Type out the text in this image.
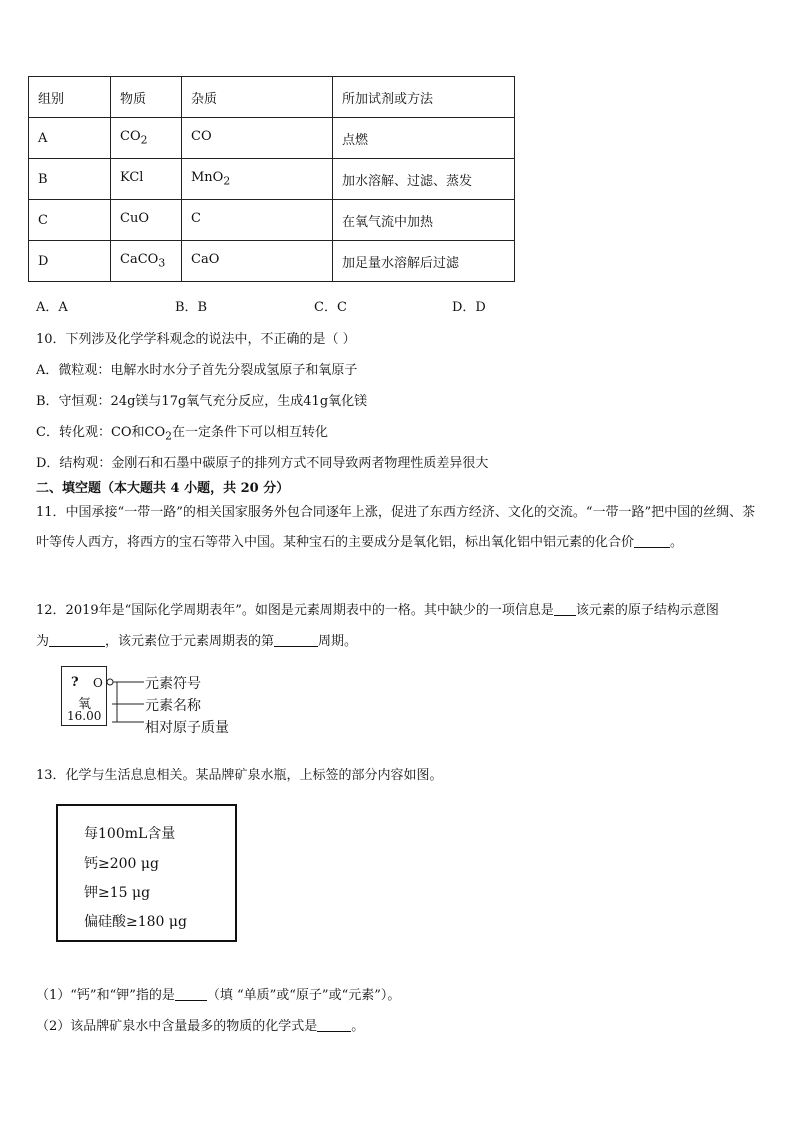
组别	物质	杂质	所加试剂或方法
A	$CO_2$	CO	点燃
B	KCl	MnO$_2$	加水溶解、过滤、蒸发
C	CuO	C	在氧气流中加热
D	CaCO$_3$	CaO	加足量水溶解后过滤
A．A	B．B	C．C	D．D
10．下列涉及化学学科观念的说法中，不正确的是（ ）
A．微粒观：电解水时水分子首先分裂成氢原子和氧原子
B．守恒观：24g镁与17g氧气充分反应，生成41g氧化镁
C．转化观：CO和$CO_2$在一定条件下可以相互转化
D．结构观：金刚石和石墨中碳原子的排列方式不同导致两者物理性质差异很大
二、填空题（本大题共 4 小题，共 20 分）
11．中国承接“一带一路”的相关国家服务外包合同逐年上涨，促进了东西方经济、文化的交流。“一带一路”把中国的丝绸、茶叶等传人西方，将西方的宝石等带入中国。某种宝石的主要成分是氧化铝，标出氧化铝中铝元素的化合价	。
12．2019年是“国际化学周期表年”。如图是元素周期表中的一格。其中缺少的一项信息是 该元素的原子结构示意图
为	，该元素位于元素周期表的第	周期。
? O
氧
16.00
元素符号
元素名称
相对原子质量
13．化学与生活息息相关。某品牌矿泉水瓶，上标签的部分内容如图。
每100mL含量
钙≥200 μg
钾≥15 μg
偏硅酸≥180 μg
（1）“钙”和“钾”指的是 （填 “单质”或“原子”或“元素”）。
（2）该品牌矿泉水中含量最多的物质的化学式是	。
